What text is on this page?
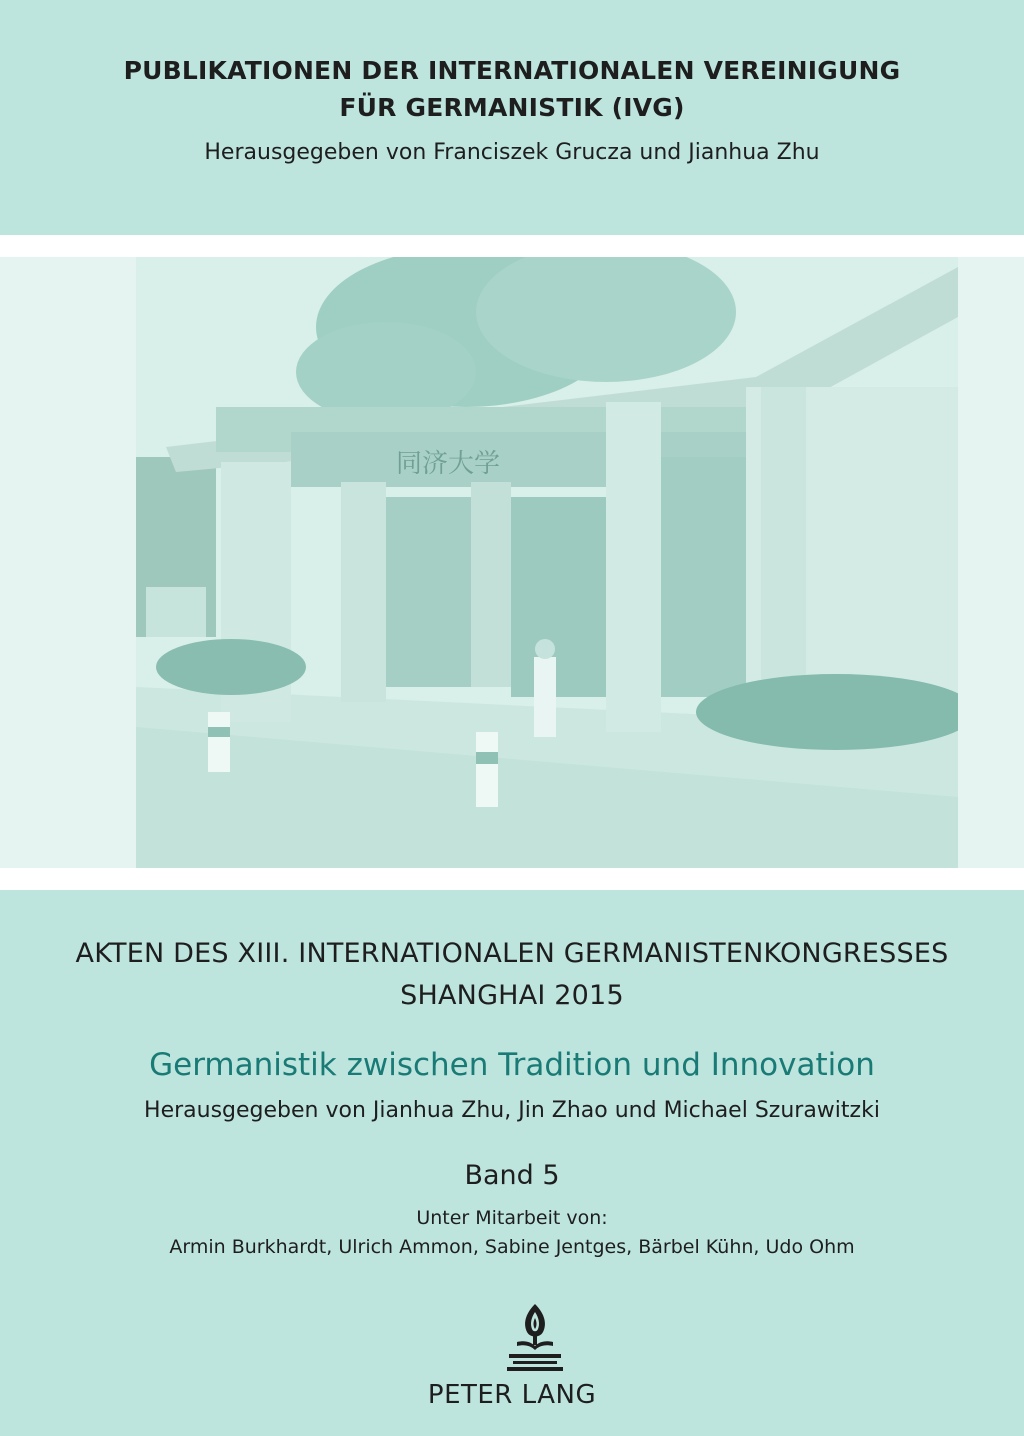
同济大学
PUBLIKATIONEN DER INTERNATIONALEN VEREINIGUNG
FÜR GERMANISTIK (IVG)
Herausgegeben von Franciszek Grucza und Jianhua Zhu
AKTEN DES XIII. INTERNATIONALEN GERMANISTENKONGRESSES
SHANGHAI 2015
Germanistik zwischen Tradition und Innovation
Herausgegeben von Jianhua Zhu, Jin Zhao und Michael Szurawitzki
Band 5
Unter Mitarbeit von:
Armin Burkhardt, Ulrich Ammon, Sabine Jentges, Bärbel Kühn, Udo Ohm
PETER LANG
